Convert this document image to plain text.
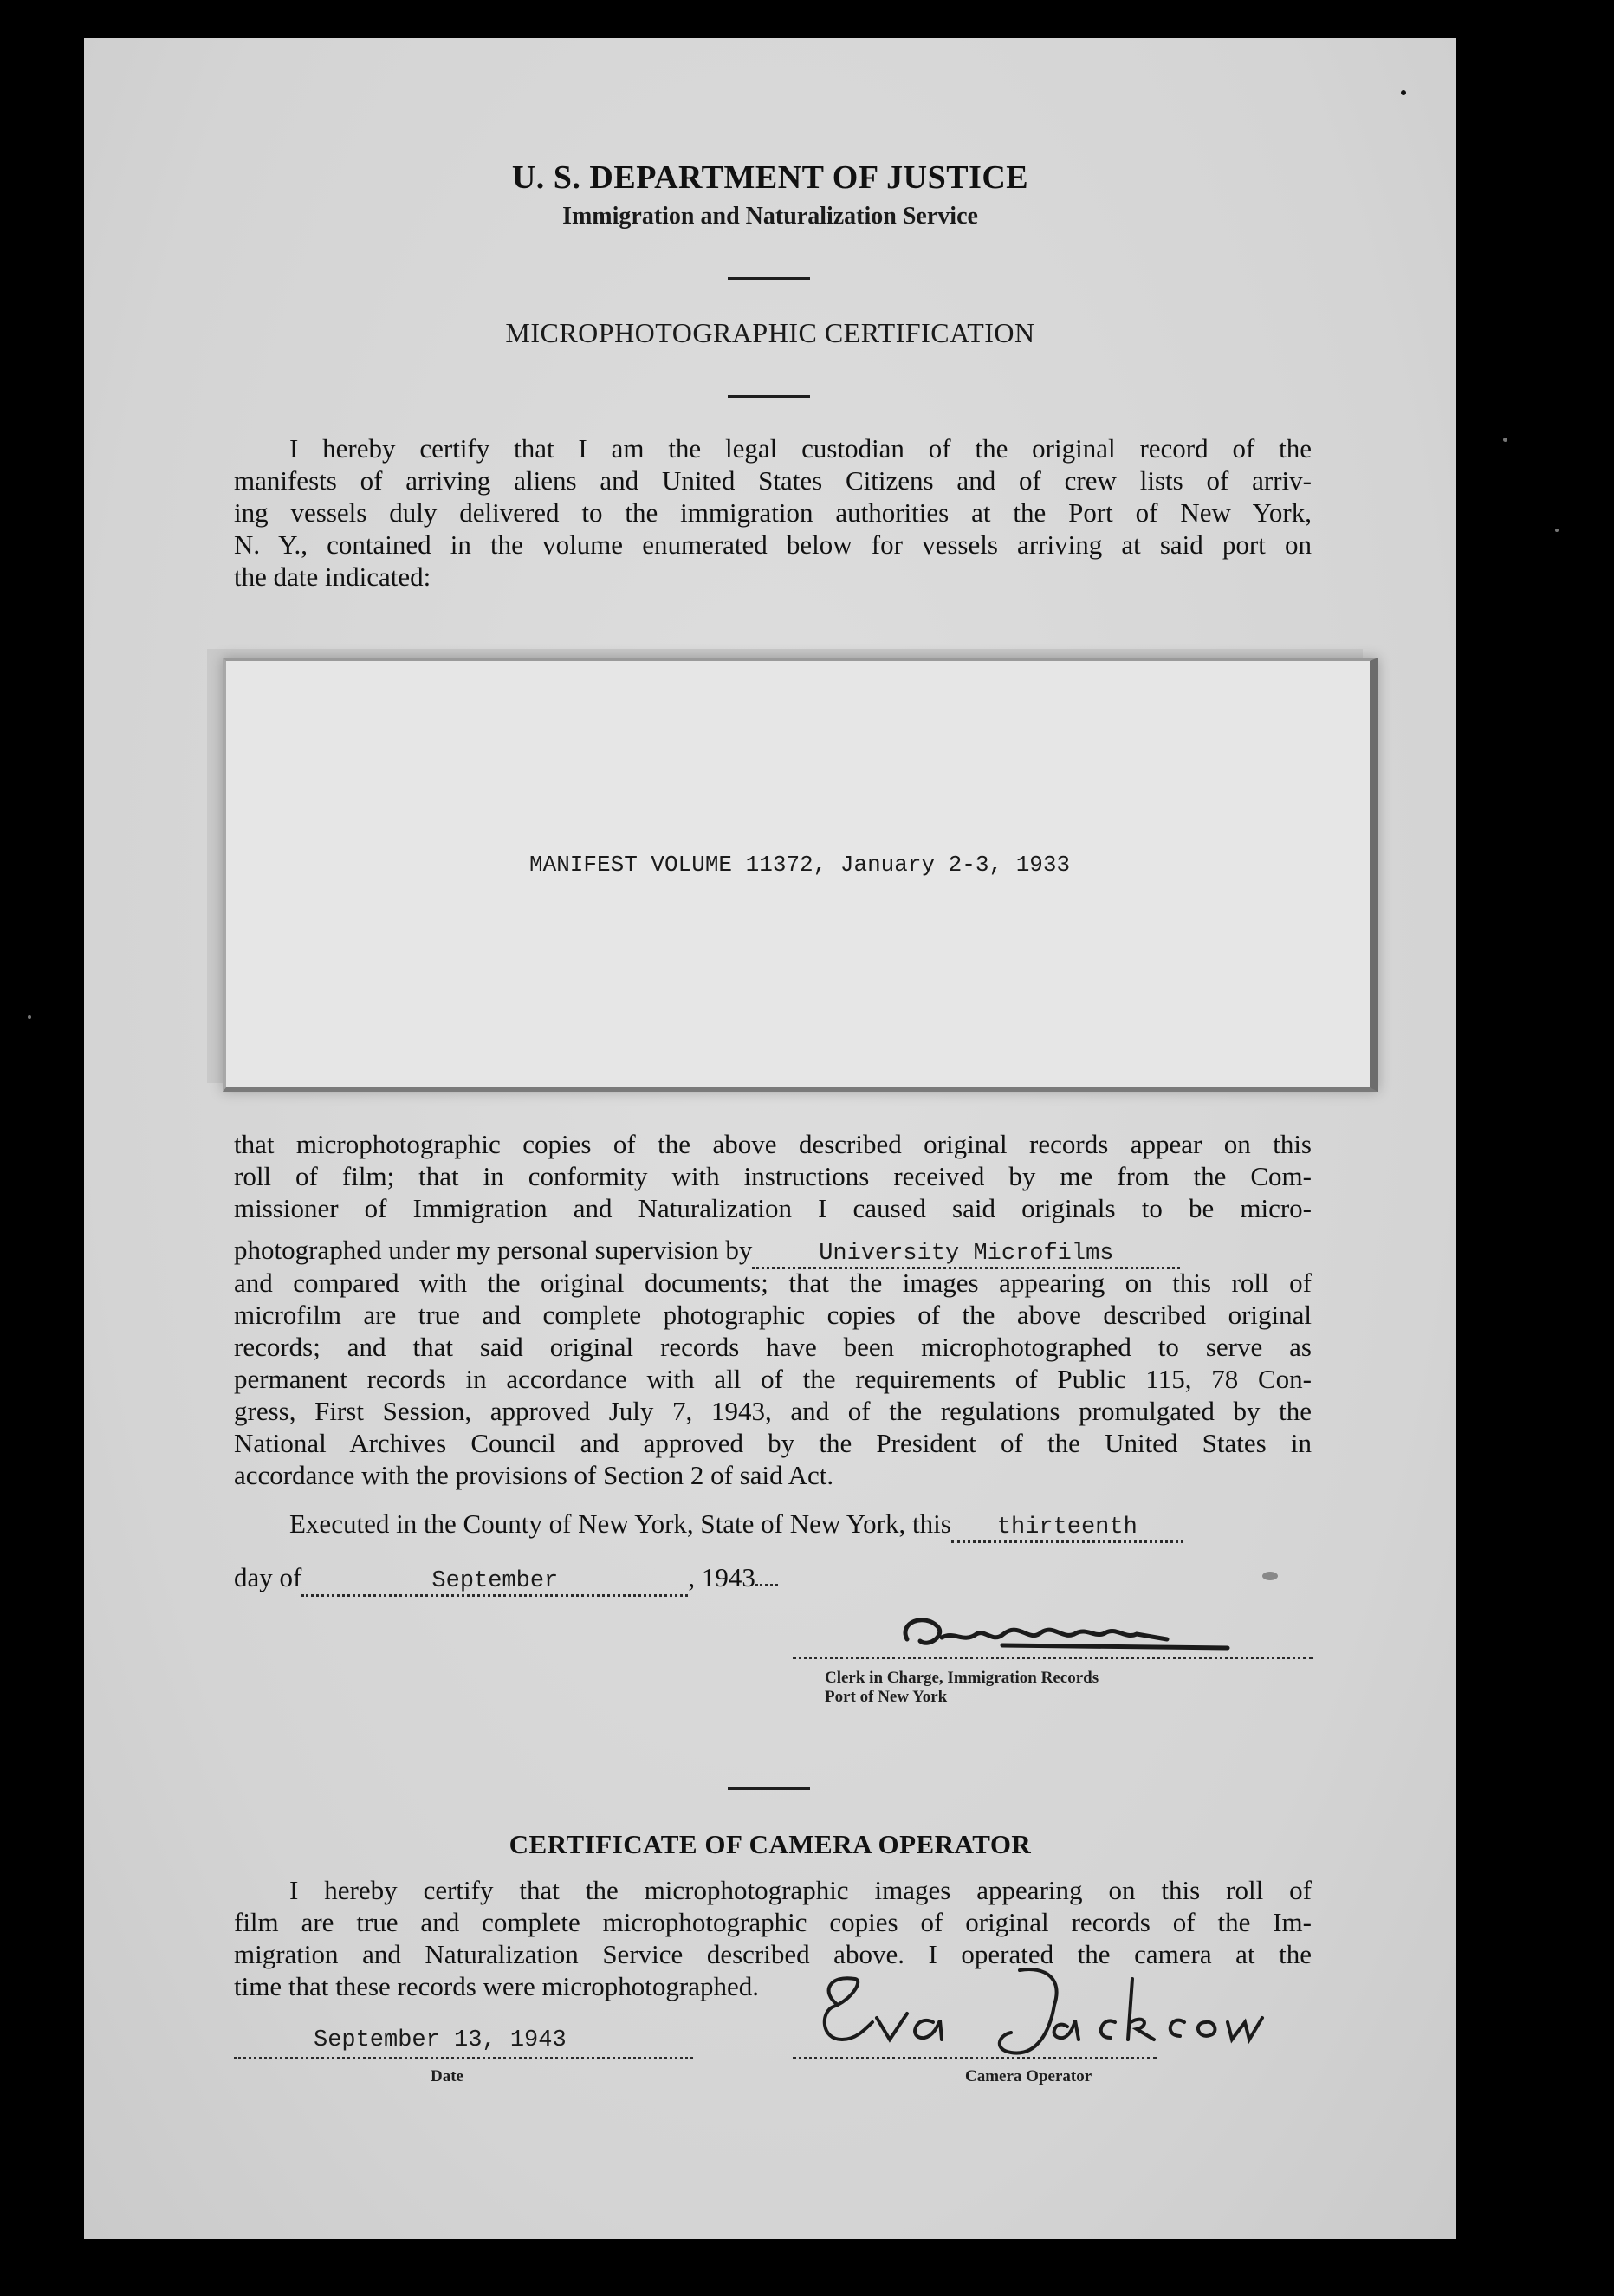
U. S. DEPARTMENT OF JUSTICE
Immigration and Naturalization Service
MICROPHOTOGRAPHIC CERTIFICATION
I hereby certify that I am the legal custodian of the original record of the
manifests of arriving aliens and United States Citizens and of crew lists of arriv-
ing vessels duly delivered to the immigration authorities at the Port of New York,
N. Y., contained in the volume enumerated below for vessels arriving at said port on
the date indicated:
MANIFEST VOLUME 11372, January 2-3, 1933
that microphotographic copies of the above described original records appear on this
roll of film; that in conformity with instructions received by me from the Com-
missioner of Immigration and Naturalization I caused said originals to be micro-
photographed under my personal supervision by	University Microfilms
and compared with the original documents; that the images appearing on this roll of
microfilm are true and complete photographic copies of the above described original
records; and that said original records have been microphotographed to serve as
permanent records in accordance with all of the requirements of Public 115, 78 Con-
gress, First Session, approved July 7, 1943, and of the regulations promulgated by the
National Archives Council and approved by the President of the United States in
accordance with the provisions of Section 2 of said Act.
Executed in the County of New York, State of New York, this thirteenth
day of	September	, 1943
Clerk in Charge, Immigration Records
Port of New York
CERTIFICATE OF CAMERA OPERATOR
I hereby certify that the microphotographic images appearing on this roll of
film are true and complete microphotographic copies of original records of the Im-
migration and Naturalization Service described above. I operated the camera at the
time that these records were microphotographed.
September 13, 1943
Date	Camera Operator
